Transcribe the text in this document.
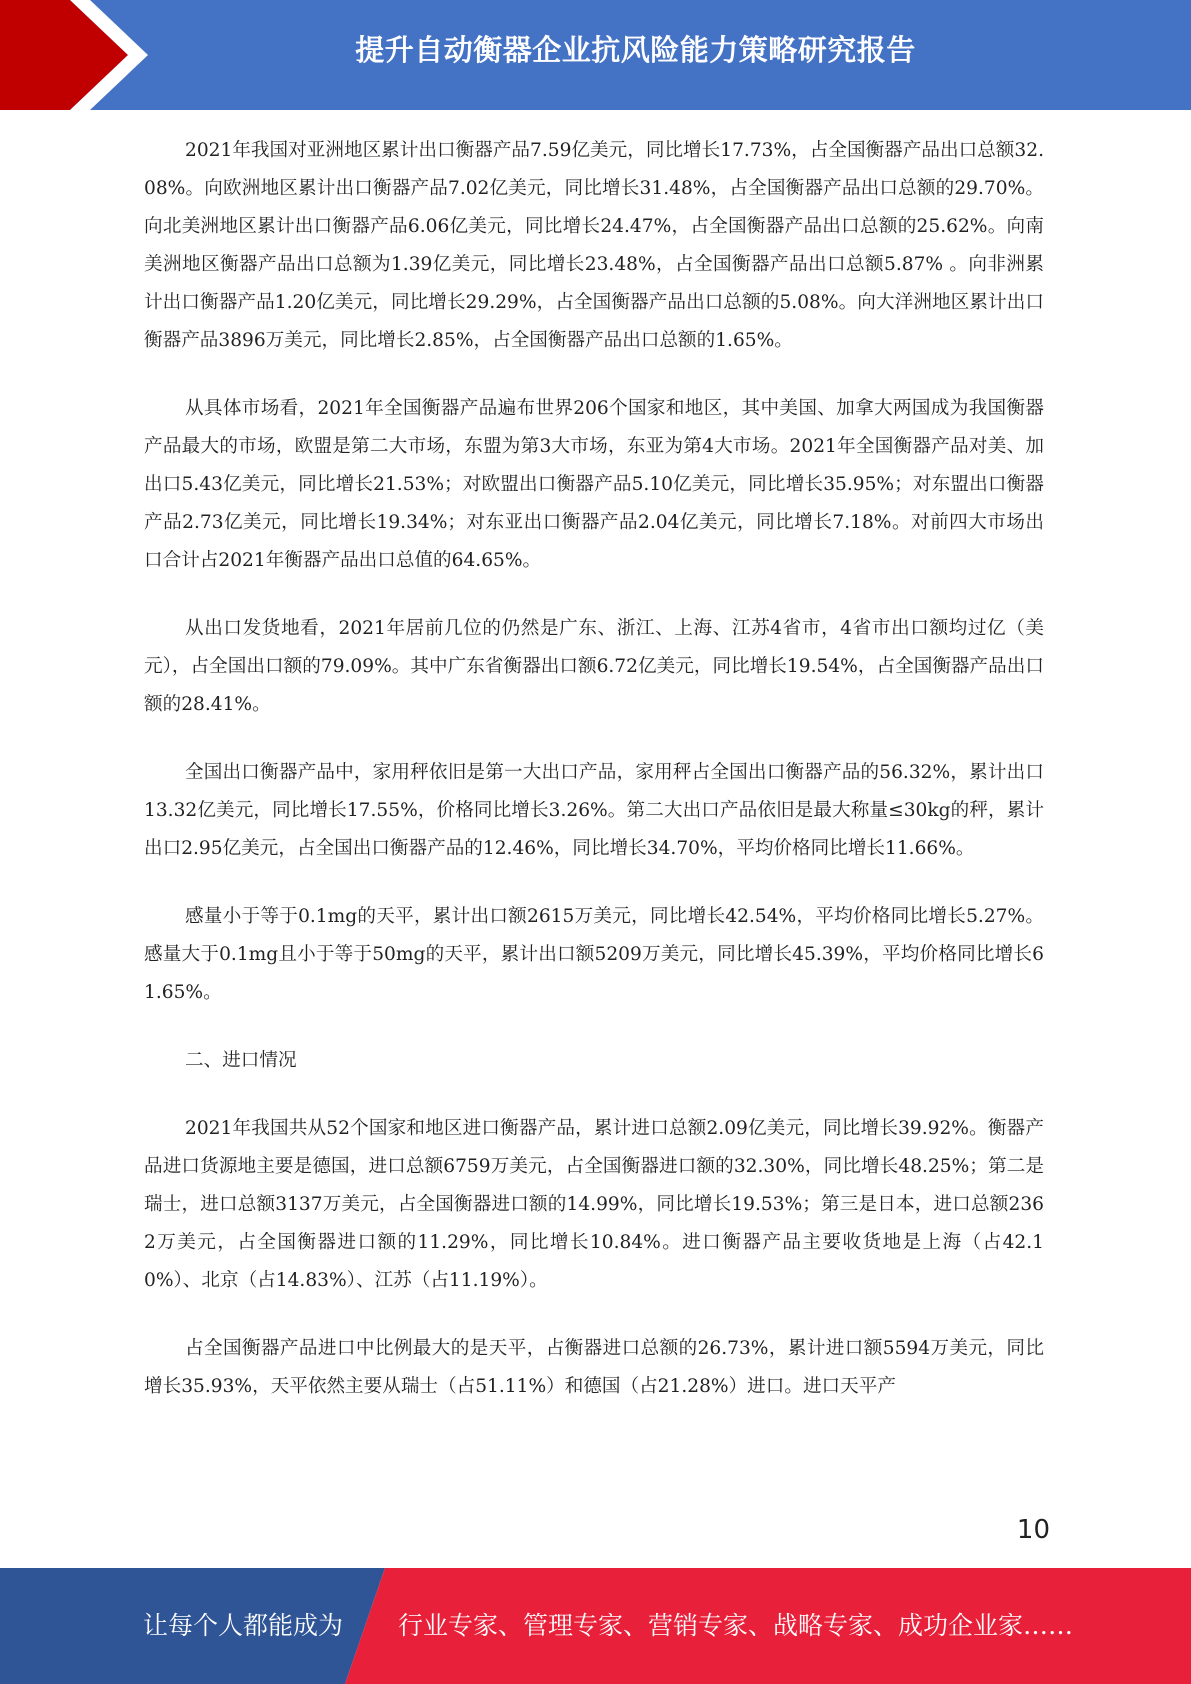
提升自动衡器企业抗风险能力策略研究报告

2021年我国对亚洲地区累计出口衡器产品7.59亿美元，同比增长17.73%，占全国衡器产品出口总额32.08%。向欧洲地区累计出口衡器产品7.02亿美元，同比增长31.48%，占全国衡器产品出口总额的29.70%。向北美洲地区累计出口衡器产品6.06亿美元，同比增长24.47%，占全国衡器产品出口总额的25.62%。向南美洲地区衡器产品出口总额为1.39亿美元，同比增长23.48%，占全国衡器产品出口总额5.87% 。向非洲累计出口衡器产品1.20亿美元，同比增长29.29%，占全国衡器产品出口总额的5.08%。向大洋洲地区累计出口衡器产品3896万美元，同比增长2.85%，占全国衡器产品出口总额的1.65%。

从具体市场看，2021年全国衡器产品遍布世界206个国家和地区，其中美国、加拿大两国成为我国衡器产品最大的市场，欧盟是第二大市场，东盟为第3大市场，东亚为第4大市场。2021年全国衡器产品对美、加出口5.43亿美元，同比增长21.53%；对欧盟出口衡器产品5.10亿美元，同比增长35.95%；对东盟出口衡器产品2.73亿美元，同比增长19.34%；对东亚出口衡器产品2.04亿美元，同比增长7.18%。对前四大市场出口合计占2021年衡器产品出口总值的64.65%。

从出口发货地看，2021年居前几位的仍然是广东、浙江、上海、江苏4省市，4省市出口额均过亿（美元），占全国出口额的79.09%。其中广东省衡器出口额6.72亿美元，同比增长19.54%，占全国衡器产品出口额的28.41%。

全国出口衡器产品中，家用秤依旧是第一大出口产品，家用秤占全国出口衡器产品的56.32%，累计出口13.32亿美元，同比增长17.55%，价格同比增长3.26%。第二大出口产品依旧是最大称量≤30kg的秤，累计出口2.95亿美元，占全国出口衡器产品的12.46%，同比增长34.70%，平均价格同比增长11.66%。

感量小于等于0.1mg的天平，累计出口额2615万美元，同比增长42.54%，平均价格同比增长5.27%。感量大于0.1mg且小于等于50mg的天平，累计出口额5209万美元，同比增长45.39%，平均价格同比增长61.65%。

二、进口情况

2021年我国共从52个国家和地区进口衡器产品，累计进口总额2.09亿美元，同比增长39.92%。衡器产品进口货源地主要是德国，进口总额6759万美元，占全国衡器进口额的32.30%，同比增长48.25%；第二是瑞士，进口总额3137万美元，占全国衡器进口额的14.99%，同比增长19.53%；第三是日本，进口总额2362万美元，占全国衡器进口额的11.29%，同比增长10.84%。进口衡器产品主要收货地是上海（占42.10%）、北京（占14.83%）、江苏（占11.19%）。

占全国衡器产品进口中比例最大的是天平，占衡器进口总额的26.73%，累计进口额5594万美元，同比增长35.93%，天平依然主要从瑞士（占51.11%）和德国（占21.28%）进口。进口天平产

10
让每个人都能成为 行业专家、管理专家、营销专家、战略专家、成功企业家……
